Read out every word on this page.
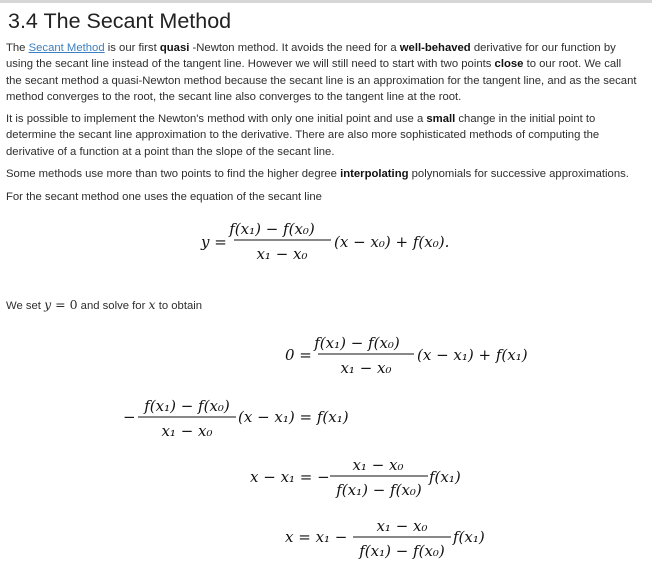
3.4 The Secant Method
The Secant Method is our first quasi -Newton method. It avoids the need for a well-behaved derivative for our function by
using the secant line instead of the tangent line. However we will still need to start with two points close to our root. We call
the secant method a quasi-Newton method because the secant line is an approximation for the tangent line, and as the secant
method converges to the root, the secant line also converges to the tangent line at the root.
It is possible to implement the Newton's method with only one initial point and use a small change in the initial point to
determine the secant line approximation to the derivative. There are also more sophisticated methods of computing the
derivative of a function at a point than the slope of the secant line.
Some methods use more than two points to find the higher degree interpolating polynomials for successive approximations.
For the secant method one uses the equation of the secant line
We set y = 0 and solve for x to obtain
y =
f(x₁) − f(x₀)
x₁ − x₀
(x − x₀) + f(x₀).
0 =
f(x₁) − f(x₀)
x₁ − x₀
(x − x₁) + f(x₁)
−
f(x₁) − f(x₀)
x₁ − x₀
(x − x₁) = f(x₁)
x − x₁ = −
x₁ − x₀
f(x₁) − f(x₀)
f(x₁)
x = x₁ −
x₁ − x₀
f(x₁) − f(x₀)
f(x₁)
